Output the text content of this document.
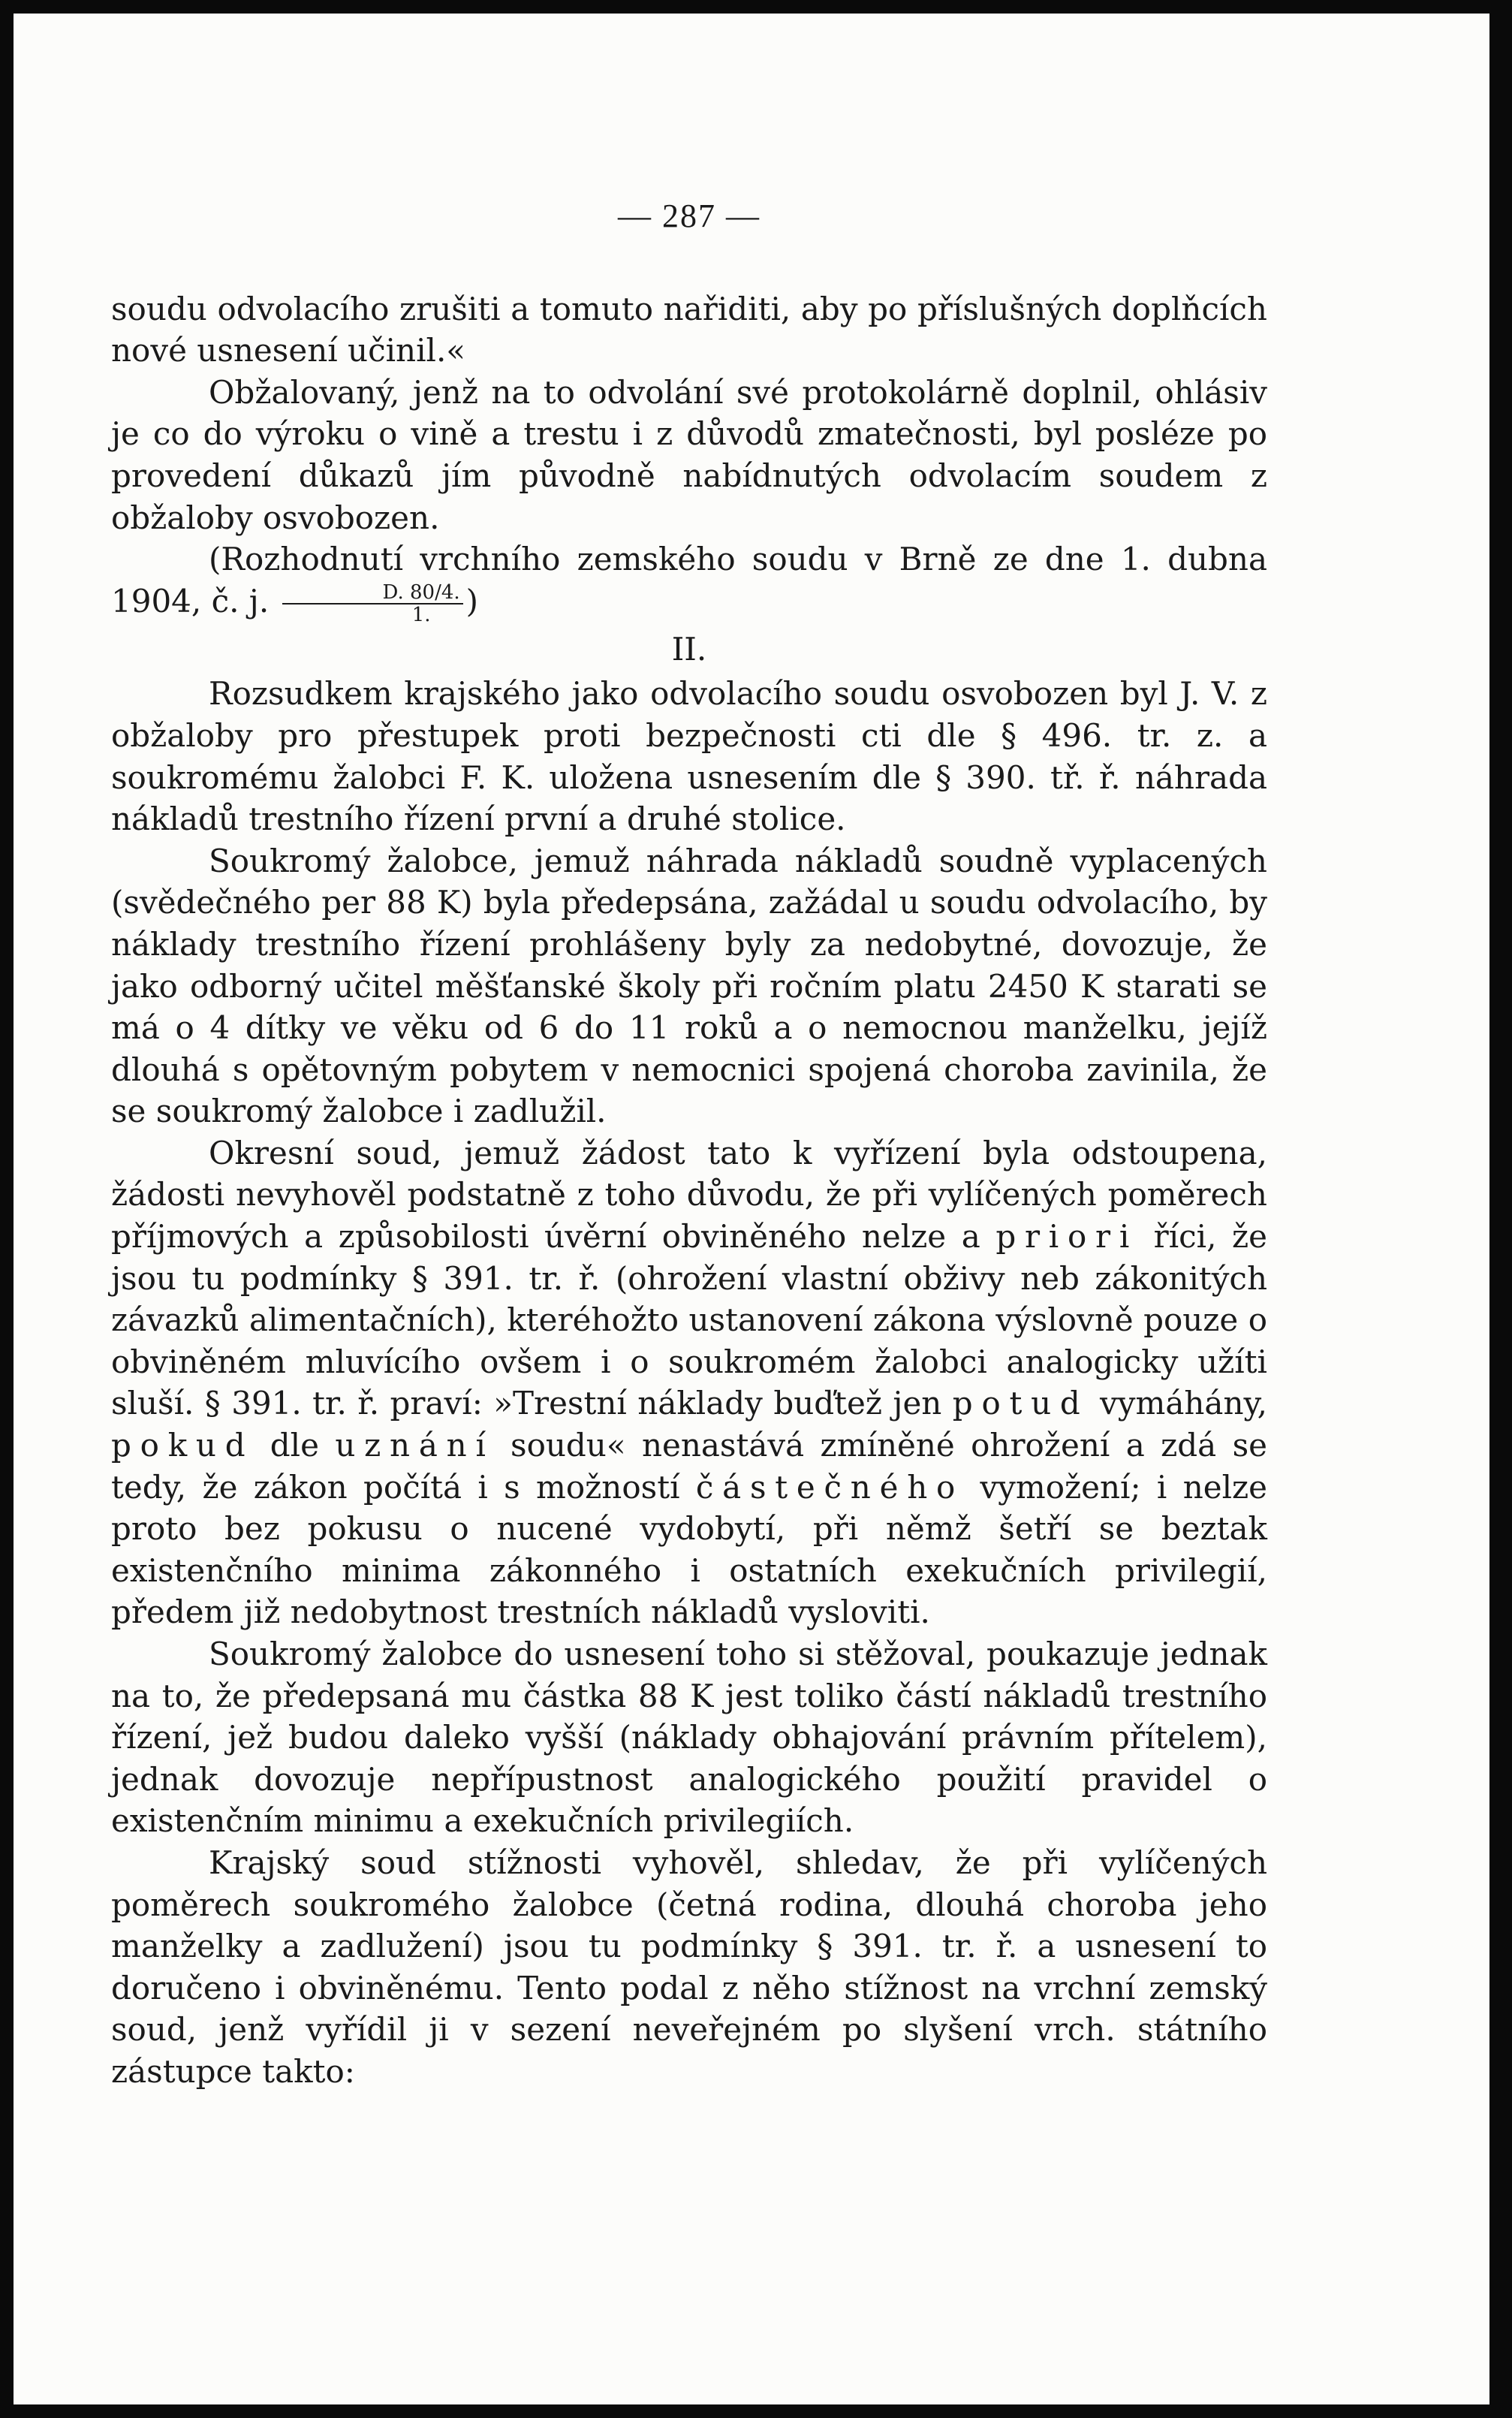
— 287 —

soudu odvolacího zrušiti a tomuto nařiditi, aby po příslušných doplňcích nové usnesení učinil.«

Obžalovaný, jenž na to odvolání své protokolárně doplnil, ohlásiv je co do výroku o vině a trestu i z důvodů zmatečnosti, byl posléze po provedení důkazů jím původně nabídnutých odvolacím soudem z obžaloby osvobozen.

(Rozhodnutí vrchního zemského soudu v Brně ze dne 1. dubna 1904, č. j. $\frac{D. 80/4.}{1.}$ )

II.

Rozsudkem krajského jako odvolacího soudu osvobozen byl J. V. z obžaloby pro přestupek proti bezpečnosti cti dle § 496. tr. z. a soukromému žalobci F. K. uložena usnesením dle § 390. tř. ř. náhrada nákladů trestního řízení první a druhé stolice.

Soukromý žalobce, jemuž náhrada nákladů soudně vyplacených (svědečného per 88 K) byla předepsána, zažádal u soudu odvolacího, by náklady trestního řízení prohlášeny byly za nedobytné, dovozuje, že jako odborný učitel měšťanské školy při ročním platu 2450 K starati se má o 4 dítky ve věku od 6 do 11 roků a o nemocnou manželku, jejíž dlouhá s opětovným pobytem v nemocnici spojená choroba zavinila, že se soukromý žalobce i zadlužil.

Okresní soud, jemuž žádost tato k vyřízení byla odstoupena, žádosti nevyhověl podstatně z toho důvodu, že při vylíčených poměrech příjmových a způsobilosti úvěrní obviněného nelze a priori říci, že jsou tu podmínky § 391. tr. ř. (ohrožení vlastní obživy neb zákonitých závazků alimentačních), kteréhožto ustanovení zákona výslovně pouze o obviněném mluvícího ovšem i o soukromém žalobci analogicky užíti sluší. § 391. tr. ř. praví: »Trestní náklady buďtež jen potud vymáhány, pokud dle uznání soudu« nenastává zmíněné ohrožení a zdá se tedy, že zákon počítá i s možností částečného vymožení; i nelze proto bez pokusu o nucené vydobytí, při němž šetří se beztak existenčního minima zákonného i ostatních exekučních privilegií, předem již nedobytnost trestních nákladů vysloviti.

Soukromý žalobce do usnesení toho si stěžoval, poukazuje jednak na to, že předepsaná mu částka 88 K jest toliko částí nákladů trestního řízení, jež budou daleko vyšší (náklady obhajování právním přítelem), jednak dovozuje nepřípustnost analogického použití pravidel o existenčním minimu a exekučních privilegiích.

Krajský soud stížnosti vyhověl, shledav, že při vylíčených poměrech soukromého žalobce (četná rodina, dlouhá choroba jeho manželky a zadlužení) jsou tu podmínky § 391. tr. ř. a usnesení to doručeno i obviněnému. Tento podal z něho stížnost na vrchní zemský soud, jenž vyřídil ji v sezení neveřejném po slyšení vrch. státního zástupce takto:
